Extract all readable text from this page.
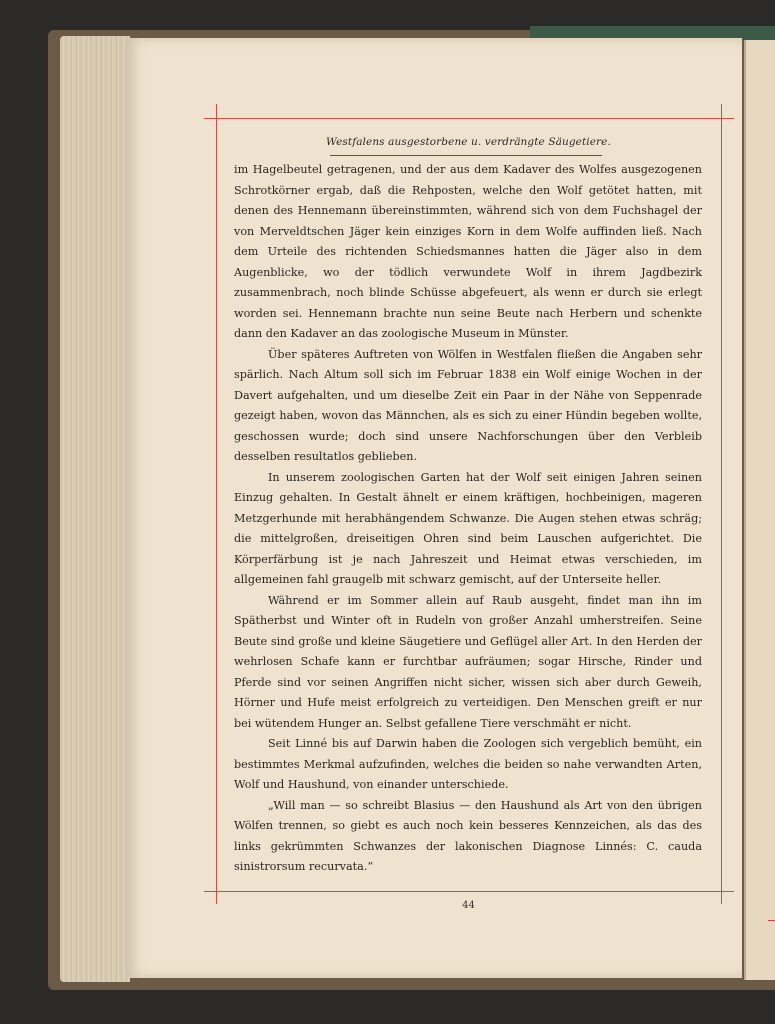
Westfalens ausgestorbene u. verdrängte Säugetiere.

im Hagelbeutel getragenen, und der aus dem Kadaver des Wolfes ausgezogenen Schrotkörner ergab, daß die Rehposten, welche den Wolf getötet hatten, mit denen des Hennemann übereinstimmten, während sich von dem Fuchshagel der von Merveldtschen Jäger kein einziges Korn in dem Wolfe auffinden ließ. Nach dem Urteile des richtenden Schiedsmannes hatten die Jäger also in dem Augenblicke, wo der tödlich verwundete Wolf in ihrem Jagdbezirk zusammenbrach, noch blinde Schüsse abgefeuert, als wenn er durch sie erlegt worden sei. Hennemann brachte nun seine Beute nach Herbern und schenkte dann den Kadaver an das zoologische Museum in Münster.

Über späteres Auftreten von Wölfen in Westfalen fließen die Angaben sehr spärlich. Nach Altum soll sich im Februar 1838 ein Wolf einige Wochen in der Davert aufgehalten, und um dieselbe Zeit ein Paar in der Nähe von Seppenrade gezeigt haben, wovon das Männchen, als es sich zu einer Hündin begeben wollte, geschossen wurde; doch sind unsere Nachforschungen über den Verbleib desselben resultatlos geblieben.

In unserem zoologischen Garten hat der Wolf seit einigen Jahren seinen Einzug gehalten. In Gestalt ähnelt er einem kräftigen, hochbeinigen, mageren Metzgerhunde mit herabhängendem Schwanze. Die Augen stehen etwas schräg; die mittelgroßen, dreiseitigen Ohren sind beim Lauschen aufgerichtet. Die Körperfärbung ist je nach Jahreszeit und Heimat etwas verschieden, im allgemeinen fahl graugelb mit schwarz gemischt, auf der Unterseite heller.

Während er im Sommer allein auf Raub ausgeht, findet man ihn im Spätherbst und Winter oft in Rudeln von großer Anzahl umherstreifen. Seine Beute sind große und kleine Säugetiere und Geflügel aller Art. In den Herden der wehrlosen Schafe kann er furchtbar aufräumen; sogar Hirsche, Rinder und Pferde sind vor seinen Angriffen nicht sicher, wissen sich aber durch Geweih, Hörner und Hufe meist erfolgreich zu verteidigen. Den Menschen greift er nur bei wütendem Hunger an. Selbst gefallene Tiere verschmäht er nicht.

Seit Linné bis auf Darwin haben die Zoologen sich vergeblich bemüht, ein bestimmtes Merkmal aufzufinden, welches die beiden so nahe verwandten Arten, Wolf und Haushund, von einander unterschiede.

„Will man — so schreibt Blasius — den Haushund als Art von den übrigen Wölfen trennen, so giebt es auch noch kein besseres Kennzeichen, als das des links gekrümmten Schwanzes der lakonischen Diagnose Linnés: C. cauda sinistrorsum recurvata.“

44
